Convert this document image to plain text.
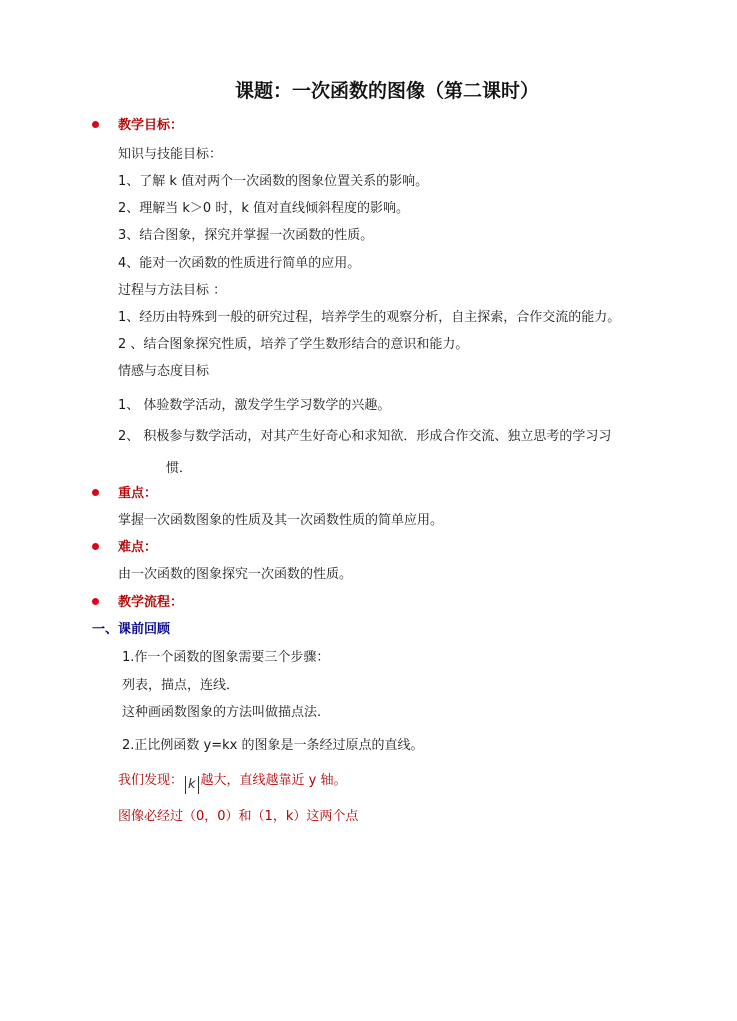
课题：一次函数的图像（第二课时）
教学目标：
知识与技能目标：
1、了解 k 值对两个一次函数的图象位置关系的影响。
2、理解当 k＞0 时，k 值对直线倾斜程度的影响。
3、结合图象，探究并掌握一次函数的性质。
4、能对一次函数的性质进行简单的应用。
过程与方法目标 ：
1、经历由特殊到一般的研究过程，培养学生的观察分析，自主探索，合作交流的能力。
2 、结合图象探究性质，培养了学生数形结合的意识和能力。
情感与态度目标
1、 体验数学活动，激发学生学习数学的兴趣。
2、 积极参与数学活动，对其产生好奇心和求知欲．形成合作交流、独立思考的学习习
惯．
重点：
掌握一次函数图象的性质及其一次函数性质的简单应用。
难点：
由一次函数的图象探究一次函数的性质。
教学流程：
一、课前回顾
1.作一个函数的图象需要三个步骤：
列表，描点，连线．
这种画函数图象的方法叫做描点法.
2.正比例函数 y=kx 的图象是一条经过原点的直线。
我们发现： k 越大，直线越靠近 y 轴。
图像必经过（0，0）和（1，k）这两个点
